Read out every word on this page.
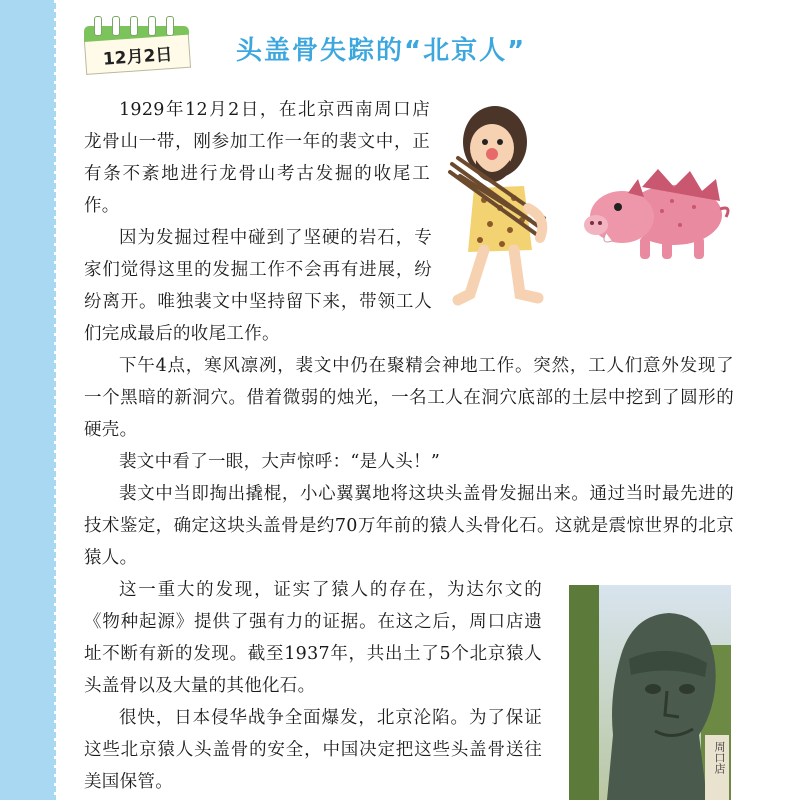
12月2日 头盖骨失踪的“北京人”

1929年12月2日，在北京西南周口店龙骨山一带，刚参加工作一年的裴文中，正有条不紊地进行龙骨山考古发掘的收尾工作。

因为发掘过程中碰到了坚硬的岩石，专家们觉得这里的发掘工作不会再有进展，纷纷离开。唯独裴文中坚持留下来，带领工人们完成最后的收尾工作。

下午4点，寒风凛冽，裴文中仍在聚精会神地工作。突然，工人们意外发现了一个黑暗的新洞穴。借着微弱的烛光，一名工人在洞穴底部的土层中挖到了圆形的硬壳。

裴文中看了一眼，大声惊呼：“是人头！”

裴文中当即掏出撬棍，小心翼翼地将这块头盖骨发掘出来。通过当时最先进的技术鉴定，确定这块头盖骨是约70万年前的猿人头骨化石。这就是震惊世界的北京猿人。

这一重大的发现，证实了猿人的存在，为达尔文的《物种起源》提供了强有力的证据。在这之后，周口店遗址不断有新的发现。截至1937年，共出土了5个北京猿人头盖骨以及大量的其他化石。

很快，日本侵华战争全面爆发，北京沦陷。为了保证这些北京猿人头盖骨的安全，中国决定把这些头盖骨送往美国保管。

周口店
